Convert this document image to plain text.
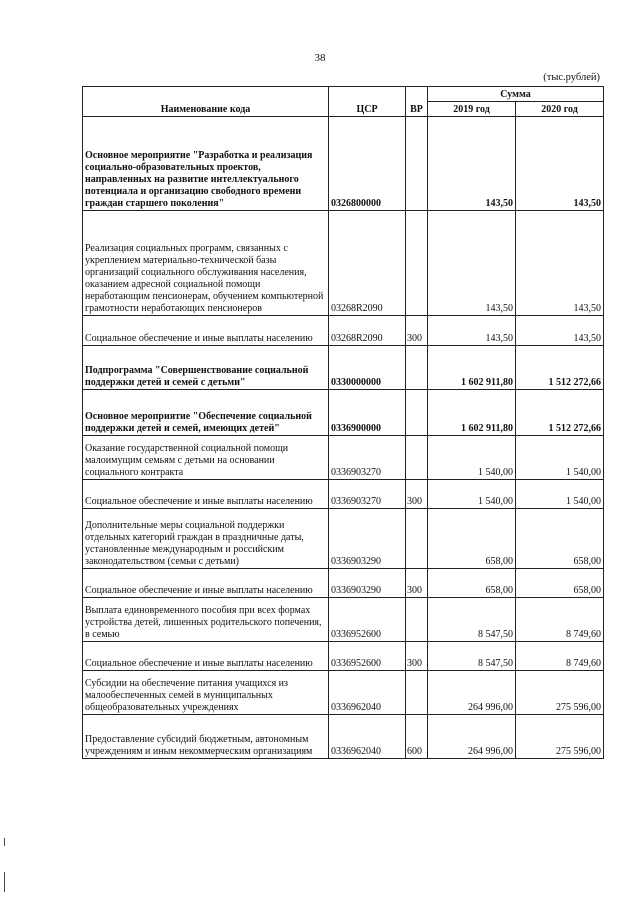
38
(тыс.рублей)
Наименование кода	ЦСР	ВР	Сумма	
			2019 год	2020 год
Основное мероприятие "Разработка и реализация социально-образовательных проектов, направленных на развитие интеллектуального потенциала и организацию свободного времени граждан старшего поколения"	0326800000		143,50	143,50
Реализация социальных программ, связанных с укреплением материально-технической базы организаций социального обслуживания населения, оказанием адресной социальной помощи неработающим пенсионерам, обучением компьютерной грамотности неработающих пенсионеров	03268R2090		143,50	143,50
Социальное обеспечение и иные выплаты населению	03268R2090	300	143,50	143,50
Подпрограмма "Совершенствование социальной поддержки детей и семей с детьми"	0330000000		1 602 911,80	1 512 272,66
Основное мероприятие "Обеспечение социальной поддержки детей и семей, имеющих детей"	0336900000		1 602 911,80	1 512 272,66
Оказание государственной социальной помощи малоимущим семьям с детьми на основании социального контракта	0336903270		1 540,00	1 540,00
Социальное обеспечение и иные выплаты населению	0336903270	300	1 540,00	1 540,00
Дополнительные меры социальной поддержки отдельных категорий граждан в праздничные даты, установленные международным и российским законодательством (семьи с детьми)	0336903290		658,00	658,00
Социальное обеспечение и иные выплаты населению	0336903290	300	658,00	658,00
Выплата единовременного пособия при всех формах устройства детей, лишенных родительского попечения, в семью	0336952600		8 547,50	8 749,60
Социальное обеспечение и иные выплаты населению	0336952600	300	8 547,50	8 749,60
Субсидии на обеспечение питания учащихся из малообеспеченных семей в муниципальных общеобразовательных учреждениях	0336962040		264 996,00	275 596,00
Предоставление субсидий бюджетным, автономным учреждениям и иным некоммерческим организациям	0336962040	600	264 996,00	275 596,00
